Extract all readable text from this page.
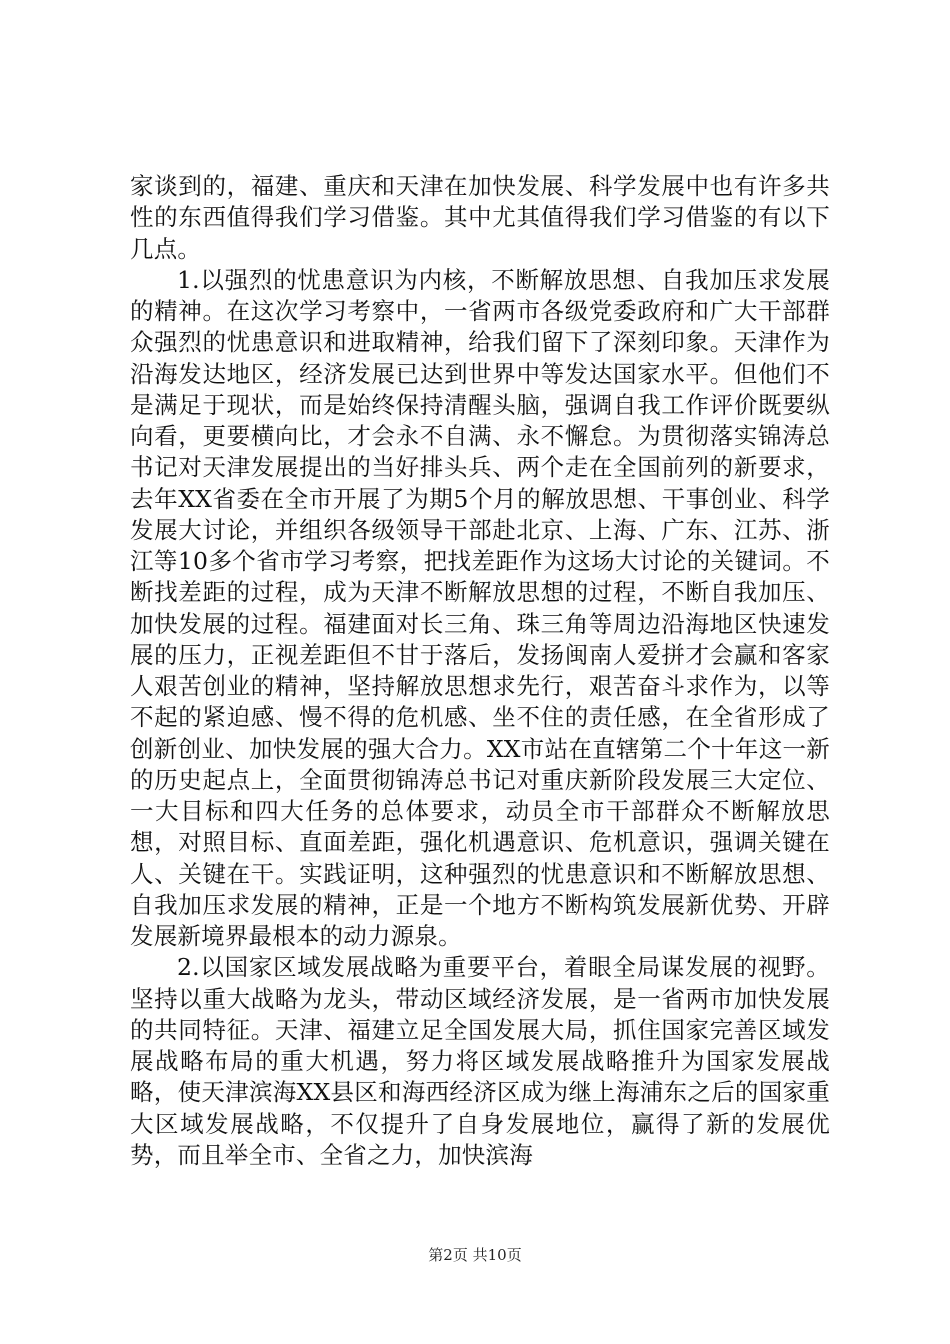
家谈到的，福建、重庆和天津在加快发展、科学发展中也有许多共性的东西值得我们学习借鉴。其中尤其值得我们学习借鉴的有以下几点。

1.以强烈的忧患意识为内核，不断解放思想、自我加压求发展的精神。在这次学习考察中，一省两市各级党委政府和广大干部群众强烈的忧患意识和进取精神，给我们留下了深刻印象。天津作为沿海发达地区，经济发展已达到世界中等发达国家水平。但他们不是满足于现状，而是始终保持清醒头脑，强调自我工作评价既要纵向看，更要横向比，才会永不自满、永不懈怠。为贯彻落实锦涛总书记对天津发展提出的当好排头兵、两个走在全国前列的新要求，去年XX省委在全市开展了为期5个月的解放思想、干事创业、科学发展大讨论，并组织各级领导干部赴北京、上海、广东、江苏、浙江等10多个省市学习考察，把找差距作为这场大讨论的关键词。不断找差距的过程，成为天津不断解放思想的过程，不断自我加压、加快发展的过程。福建面对长三角、珠三角等周边沿海地区快速发展的压力，正视差距但不甘于落后，发扬闽南人爱拼才会赢和客家人艰苦创业的精神，坚持解放思想求先行，艰苦奋斗求作为，以等不起的紧迫感、慢不得的危机感、坐不住的责任感，在全省形成了创新创业、加快发展的强大合力。XX市站在直辖第二个十年这一新的历史起点上，全面贯彻锦涛总书记对重庆新阶段发展三大定位、一大目标和四大任务的总体要求，动员全市干部群众不断解放思想，对照目标、直面差距，强化机遇意识、危机意识，强调关键在人、关键在干。实践证明，这种强烈的忧患意识和不断解放思想、自我加压求发展的精神，正是一个地方不断构筑发展新优势、开辟发展新境界最根本的动力源泉。

2.以国家区域发展战略为重要平台，着眼全局谋发展的视野。坚持以重大战略为龙头，带动区域经济发展，是一省两市加快发展的共同特征。天津、福建立足全国发展大局，抓住国家完善区域发展战略布局的重大机遇，努力将区域发展战略推升为国家发展战略，使天津滨海XX县区和海西经济区成为继上海浦东之后的国家重大区域发展战略，不仅提升了自身发展地位，赢得了新的发展优势，而且举全市、全省之力，加快滨海

第2页 共10页
